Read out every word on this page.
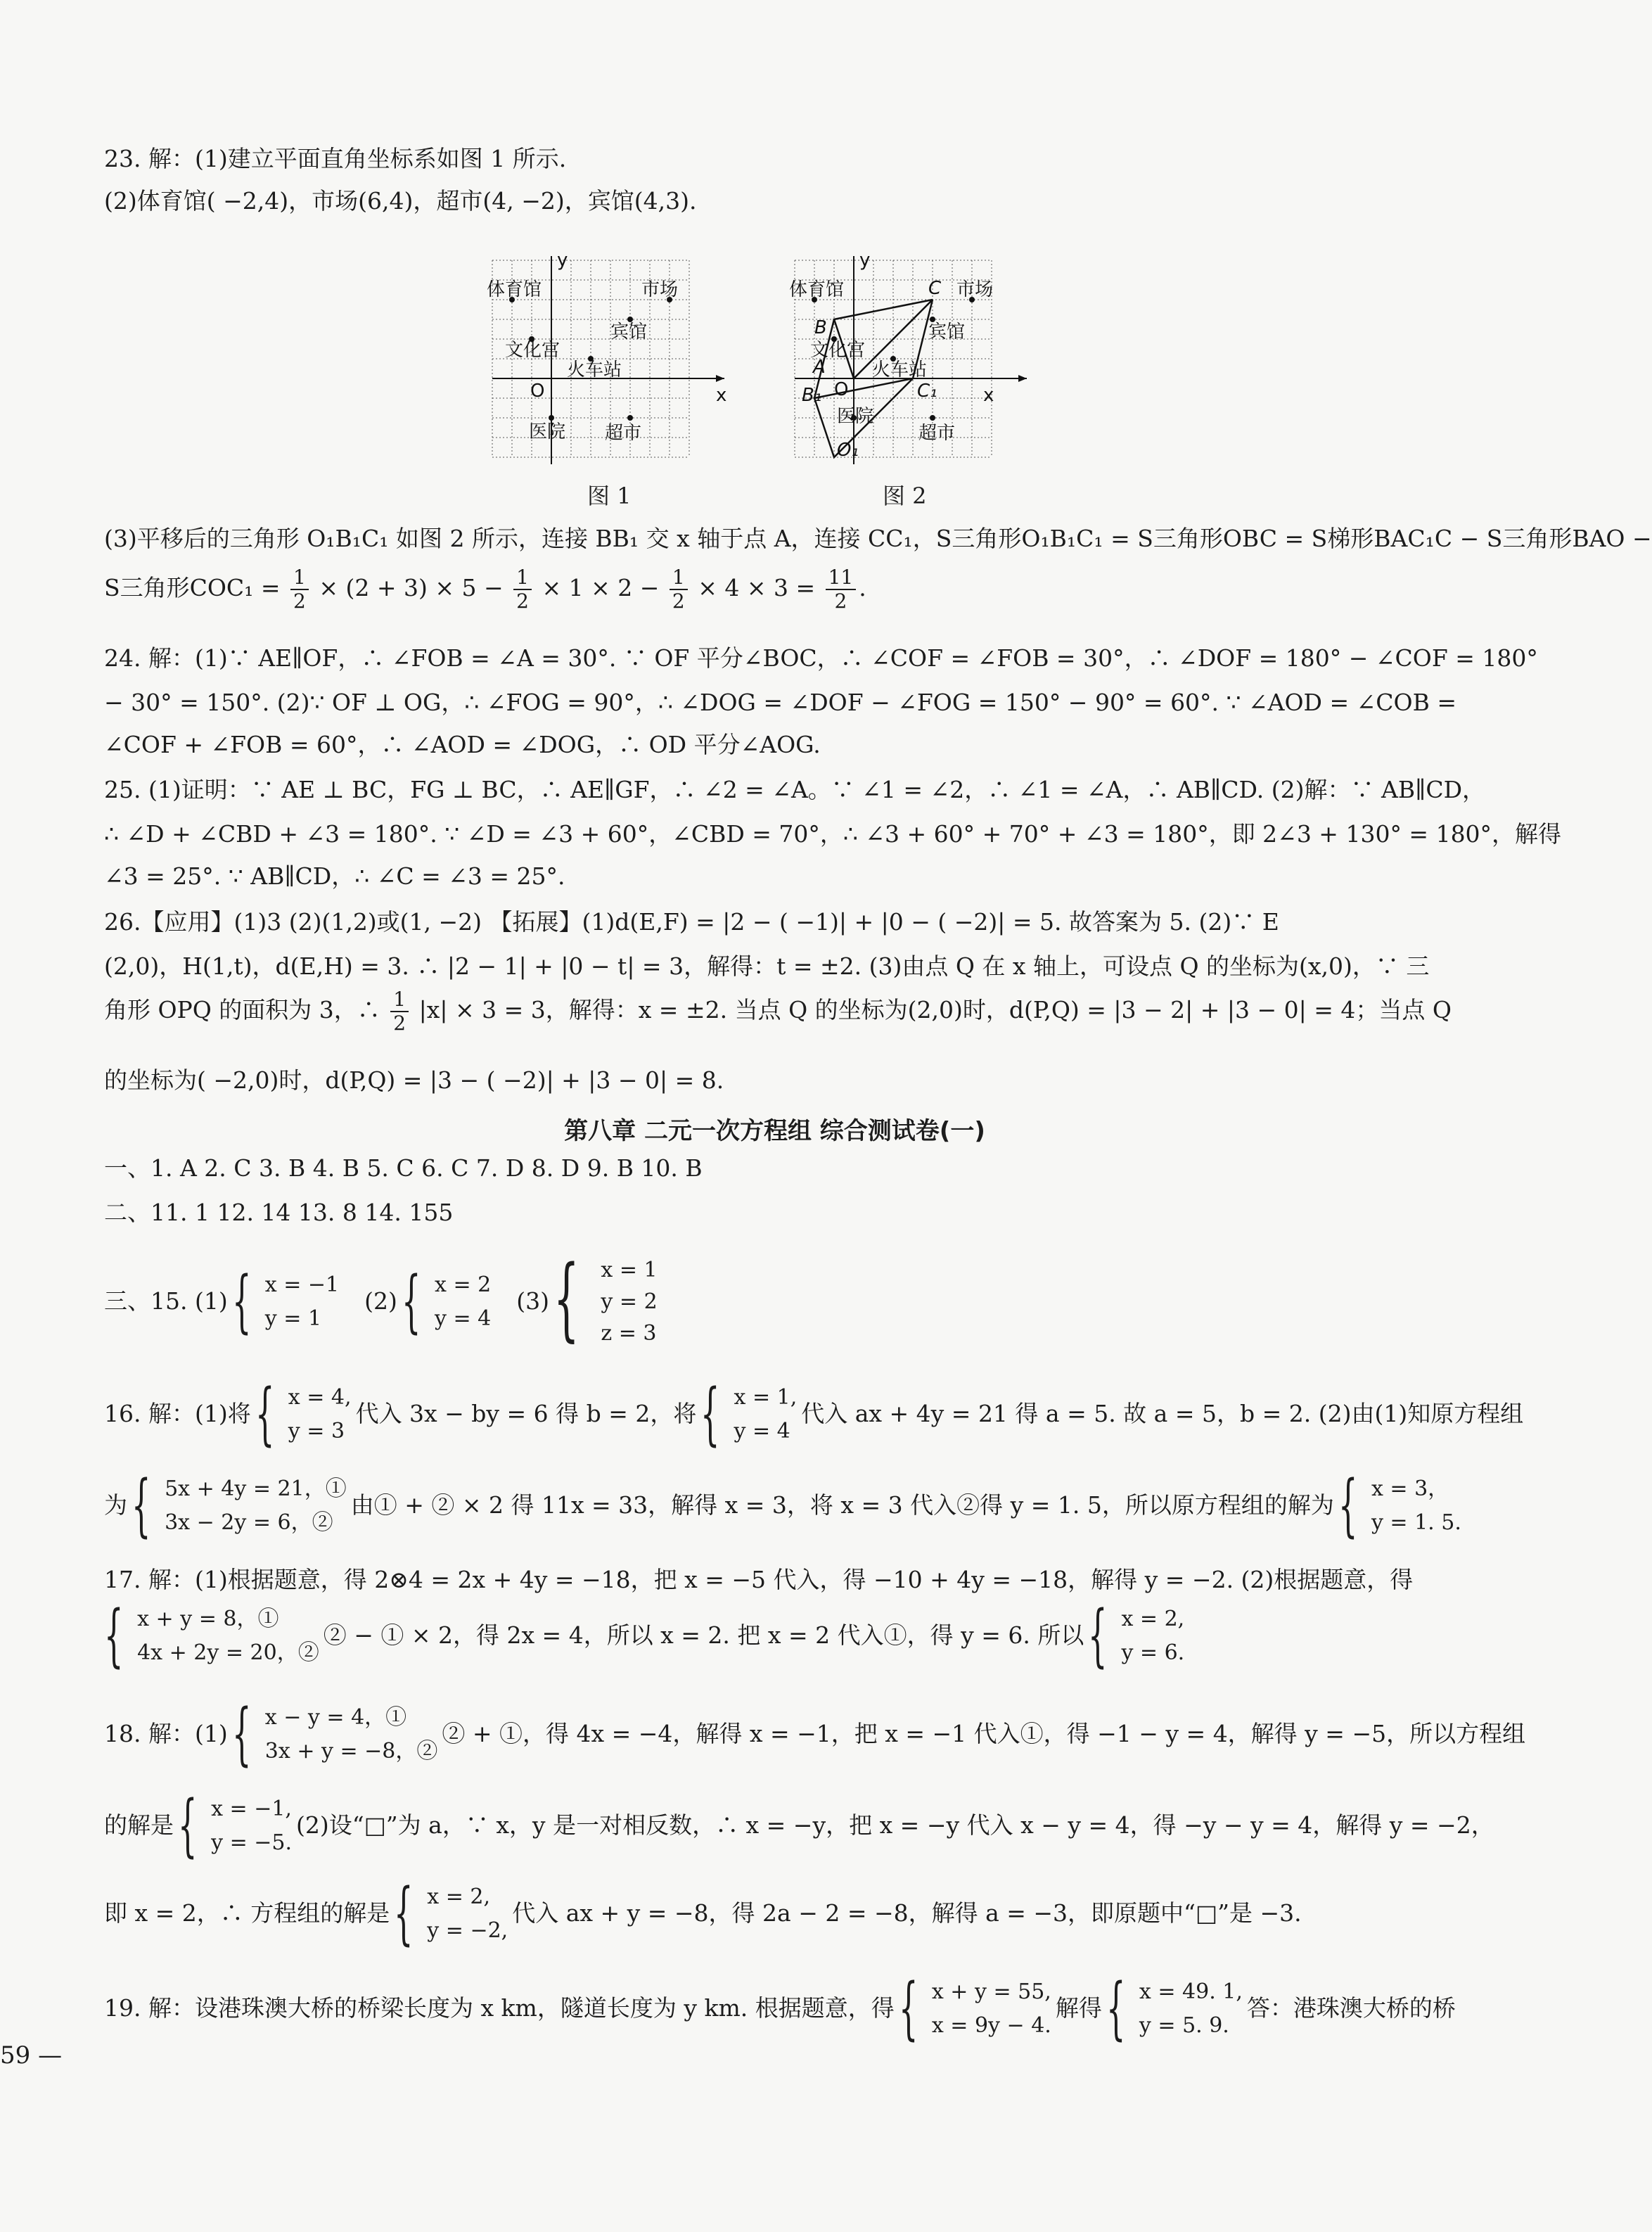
23. 解：(1)建立平面直角坐标系如图 1 所示.
(2)体育馆( −2,4)，市场(6,4)，超市(4, −2)，宾馆(4,3).
y
体育馆	市场
宾馆
文化宫
火车站
O	x
医院 超市
图 1
y
体育馆	市场
C
B	宾馆
文化宫
A
O
火车站
C₁
B₁
医院
x
O₁
超市
图 2
(3)平移后的三角形 O₁B₁C₁ 如图 2 所示，连接 BB₁ 交 x 轴于点 A，连接 CC₁，S三角形O₁B₁C₁ = S三角形OBC = S梯形BAC₁C − S三角形BAO −
S三角形$COC_1 = \frac{1}{2} \times (2 + 3) \times 5 - \frac{1}{2} \times 1 \times 2 - \frac{1}{2} \times 4 \times 3 = \frac{11}{2}$ .
24. 解：(1)∵ AE∥OF，∴ ∠FOB = ∠A = 30°. ∵ OF 平分∠BOC，∴ ∠COF = ∠FOB = 30°，∴ ∠DOF = 180° − ∠COF = 180°
− 30° = 150°. (2)∵ OF ⊥ OG，∴ ∠FOG = 90°，∴ ∠DOG = ∠DOF − ∠FOG = 150° − 90° = 60°. ∵ ∠AOD = ∠COB =
∠COF + ∠FOB = 60°，∴ ∠AOD = ∠DOG，∴ OD 平分∠AOG.
25. (1)证明：∵ AE ⊥ BC，FG ⊥ BC，∴ AE∥GF，∴ ∠2 = ∠A。∵ ∠1 = ∠2，∴ ∠1 = ∠A，∴ AB∥CD. (2)解：∵ AB∥CD，
∴ ∠D + ∠CBD + ∠3 = 180°. ∵ ∠D = ∠3 + 60°，∠CBD = 70°，∴ ∠3 + 60° + 70° + ∠3 = 180°，即 2∠3 + 130° = 180°，解得
∠3 = 25°. ∵ AB∥CD，∴ ∠C = ∠3 = 25°.
26.【应用】(1)3 (2)(1,2)或(1, −2) 【拓展】(1)d(E,F) = |2 − ( −1)| + |0 − ( −2)| = 5. 故答案为 5. (2)∵ E
(2,0)，H(1,t)，d(E,H) = 3. ∴ |2 − 1| + |0 − t| = 3，解得：t = ±2. (3)由点 Q 在 x 轴上，可设点 Q 的坐标为(x,0)，∵ 三
角形 OPQ 的面积为 3，∴ $\frac{1}{2} |x| \times 3 = 3$，解得：x = ±2. 当点 Q 的坐标为(2,0)时，d(P,Q) = |3 − 2| + |3 − 0| = 4；当点 Q
的坐标为( −2,0)时，d(P,Q) = |3 − ( −2)| + |3 − 0| = 8.
第八章 二元一次方程组 综合测试卷(一)
一、1. A 2. C 3. B 4. B 5. C 6. C 7. D 8. D 9. B 10. B
二、11. 1 12. 14 13. 8 14. 155
三、15. (1) { x = −1
y = 1
(2) { x = 2
y = 4
(3) { x = 1
y = 2
z = 3
16. 解：(1)将 { x = 4,
y = 3
代入 3x − by = 6 得 b = 2，将 { x = 1,
y = 4
代入 ax + 4y = 21 得 a = 5. 故 a = 5，b = 2. (2)由(1)知原方程组
为 { 5x + 4y = 21，①
3x − 2y = 6，②
由① + ② × 2 得 11x = 33，解得 x = 3，将 x = 3 代入②得 y = 1. 5，所以原方程组的解为 { x = 3，
y = 1. 5.
17. 解：(1)根据题意，得 2⊗4 = 2x + 4y = −18，把 x = −5 代入，得 −10 + 4y = −18，解得 y = −2. (2)根据题意，得
{ x + y = 8，①
4x + 2y = 20，②
② − ① × 2，得 2x = 4，所以 x = 2. 把 x = 2 代入①，得 y = 6. 所以 { x = 2,
y = 6.
18. 解：(1) { x − y = 4，①
3x + y = −8，②
② + ①，得 4x = −4，解得 x = −1，把 x = −1 代入①，得 −1 − y = 4，解得 y = −5，所以方程组
的解是 { x = −1,
y = −5.
(2)设“□”为 a，∵ x，y 是一对相反数，∴ x = −y，把 x = −y 代入 x − y = 4，得 −y − y = 4，解得 y = −2，
即 x = 2，∴ 方程组的解是 { x = 2,
y = −2,
代入 ax + y = −8，得 2a − 2 = −8，解得 a = −3，即原题中“□”是 −3.
19. 解：设港珠澳大桥的桥梁长度为 x km，隧道长度为 y km. 根据题意，得 { x + y = 55,
x = 9y − 4.
解得 { x = 49. 1,
y = 5. 9.
答：港珠澳大桥的桥
59 —
